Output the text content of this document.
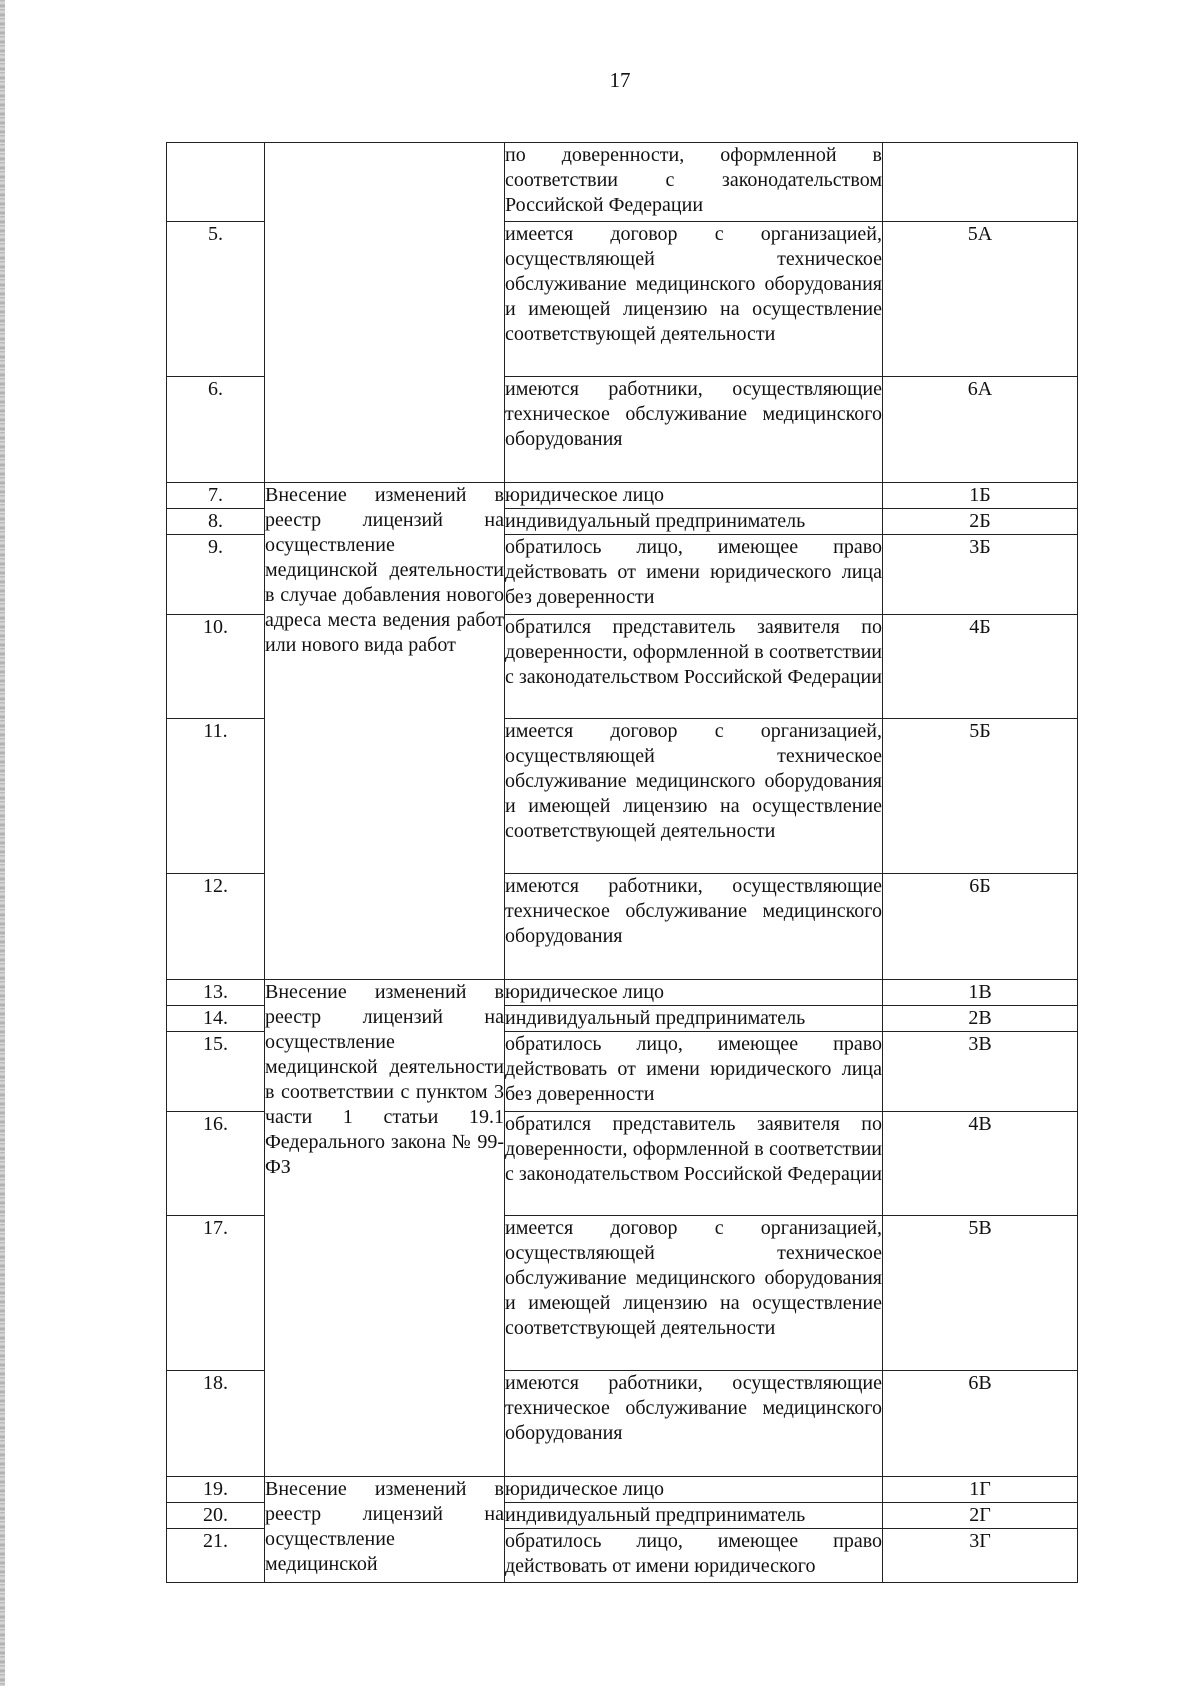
17
		по доверенности, оформленной в соответствии с законодательством Российской Федерации	
5.		имеется договор с организацией, осуществляющей техническое обслуживание медицинского оборудования и имеющей лицензию на осуществление соответствующей деятельности	5А
6.		имеются работники, осуществляющие техническое обслуживание медицинского оборудования	6А
7.	Внесение изменений в реестр лицензий на осуществление медицинской деятельности в случае добавления нового адреса места ведения работ или нового вида работ	юридическое лицо	1Б
8.		индивидуальный предприниматель	2Б
9.		обратилось лицо, имеющее право действовать от имени юридического лица без доверенности	3Б
10.		обратился представитель заявителя по доверенности, оформленной в соответствии с законодательством Российской Федерации	4Б
11.		имеется договор с организацией, осуществляющей техническое обслуживание медицинского оборудования и имеющей лицензию на осуществление соответствующей деятельности	5Б
12.		имеются работники, осуществляющие техническое обслуживание медицинского оборудования	6Б
13.	Внесение изменений в реестр лицензий на осуществление медицинской деятельности в соответствии с пунктом 3 части 1 статьи 19.1 Федерального закона № 99-ФЗ	юридическое лицо	1В
14.		индивидуальный предприниматель	2В
15.		обратилось лицо, имеющее право действовать от имени юридического лица без доверенности	3В
16.		обратился представитель заявителя по доверенности, оформленной в соответствии с законодательством Российской Федерации	4В
17.		имеется договор с организацией, осуществляющей техническое обслуживание медицинского оборудования и имеющей лицензию на осуществление соответствующей деятельности	5В
18.		имеются работники, осуществляющие техническое обслуживание медицинского оборудования	6В
19.	Внесение изменений в реестр лицензий на осуществление медицинской	юридическое лицо	1Г
20.		индивидуальный предприниматель	2Г
21.		обратилось лицо, имеющее право действовать от имени юридического	3Г
